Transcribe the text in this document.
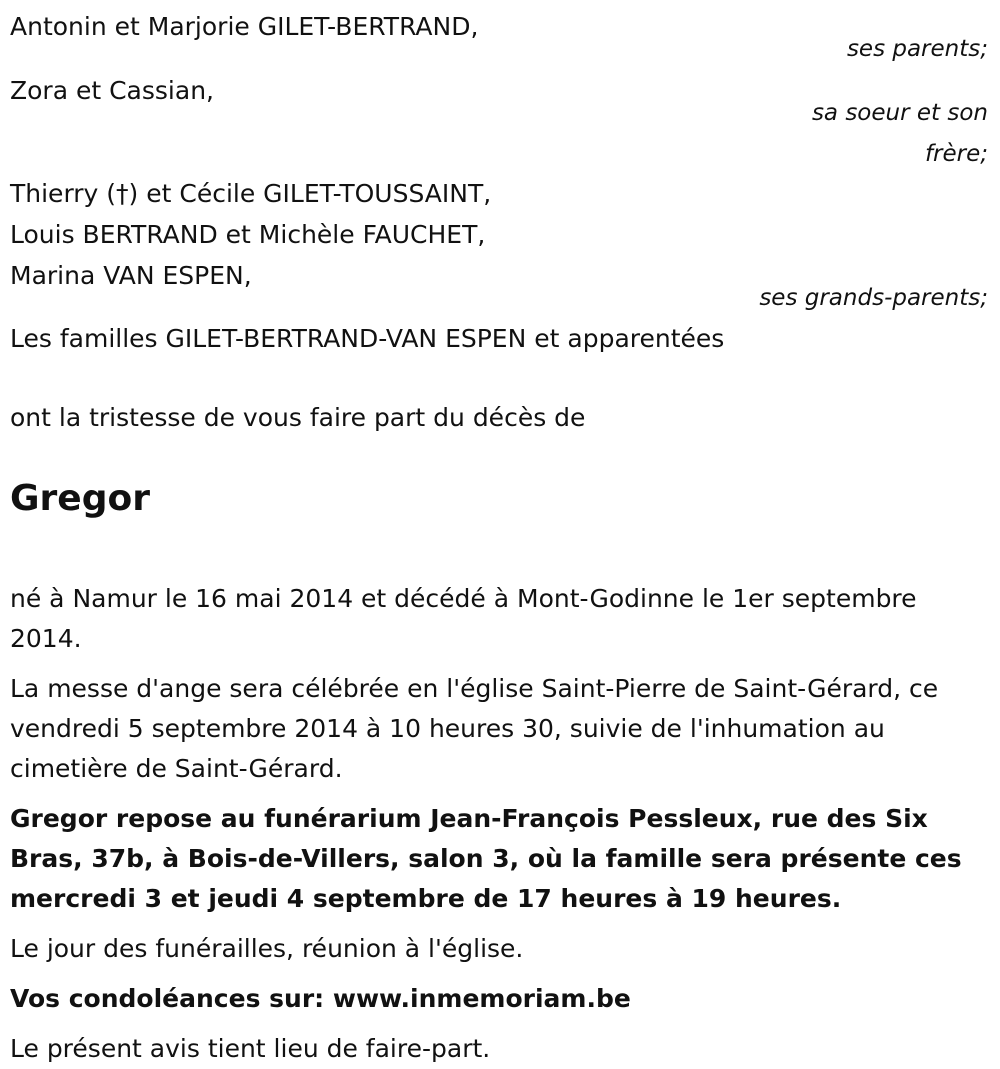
Antonin et Marjorie GILET-BERTRAND,
ses parents;
Zora et Cassian,
sa soeur et son
frère;
Thierry (†) et Cécile GILET-TOUSSAINT,
Louis BERTRAND et Michèle FAUCHET,
Marina VAN ESPEN,
ses grands-parents;
Les familles GILET-BERTRAND-VAN ESPEN et apparentées
ont la tristesse de vous faire part du décès de
Gregor

né à Namur le 16 mai 2014 et décédé à Mont-Godinne le 1er septembre 2014.

La messe d'ange sera célébrée en l'église Saint-Pierre de Saint-Gérard, ce vendredi 5 septembre 2014 à 10 heures 30, suivie de l'inhumation au cimetière de Saint-Gérard.

Gregor repose au funérarium Jean-François Pessleux, rue des Six Bras, 37b, à Bois-de-Villers, salon 3, où la famille sera présente ces mercredi 3 et jeudi 4 septembre de 17 heures à 19 heures.

Le jour des funérailles, réunion à l'église.

Vos condoléances sur: www.inmemoriam.be

Le présent avis tient lieu de faire-part.
